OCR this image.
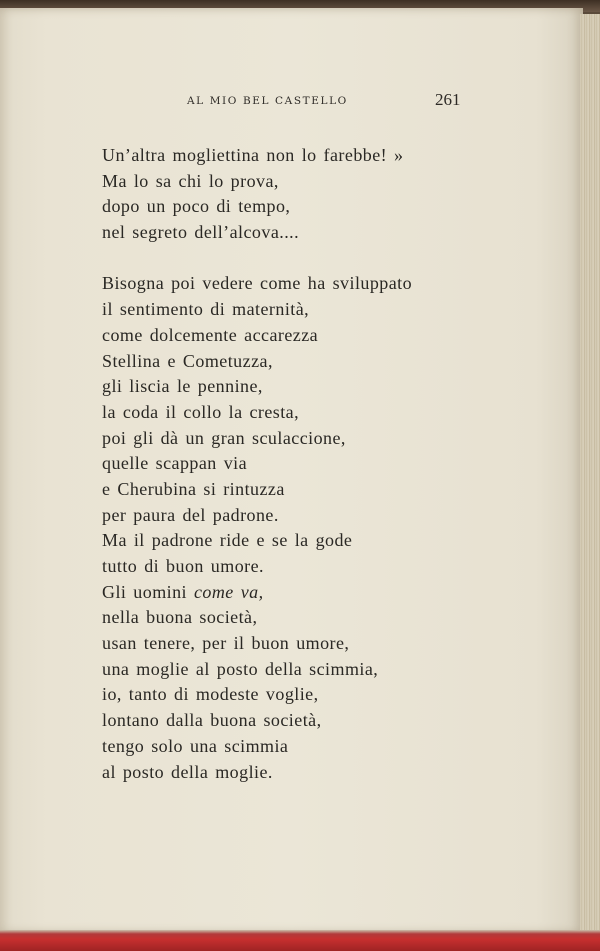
AL MIO BEL CASTELLO	261
Un’altra mogliettina non lo farebbe! »
Ma lo sa chi lo prova,
dopo un poco di tempo,
nel segreto dell’alcova....
Bisogna poi vedere come ha sviluppato
il sentimento di maternità,
come dolcemente accarezza
Stellina e Cometuzza,
gli liscia le pennine,
la coda il collo la cresta,
poi gli dà un gran sculaccione,
quelle scappan via
e Cherubina si rintuzza
per paura del padrone.
Ma il padrone ride e se la gode
tutto di buon umore.
Gli uomini come va,
nella buona società,
usan tenere, per il buon umore,
una moglie al posto della scimmia,
io, tanto di modeste voglie,
lontano dalla buona società,
tengo solo una scimmia
al posto della moglie.
